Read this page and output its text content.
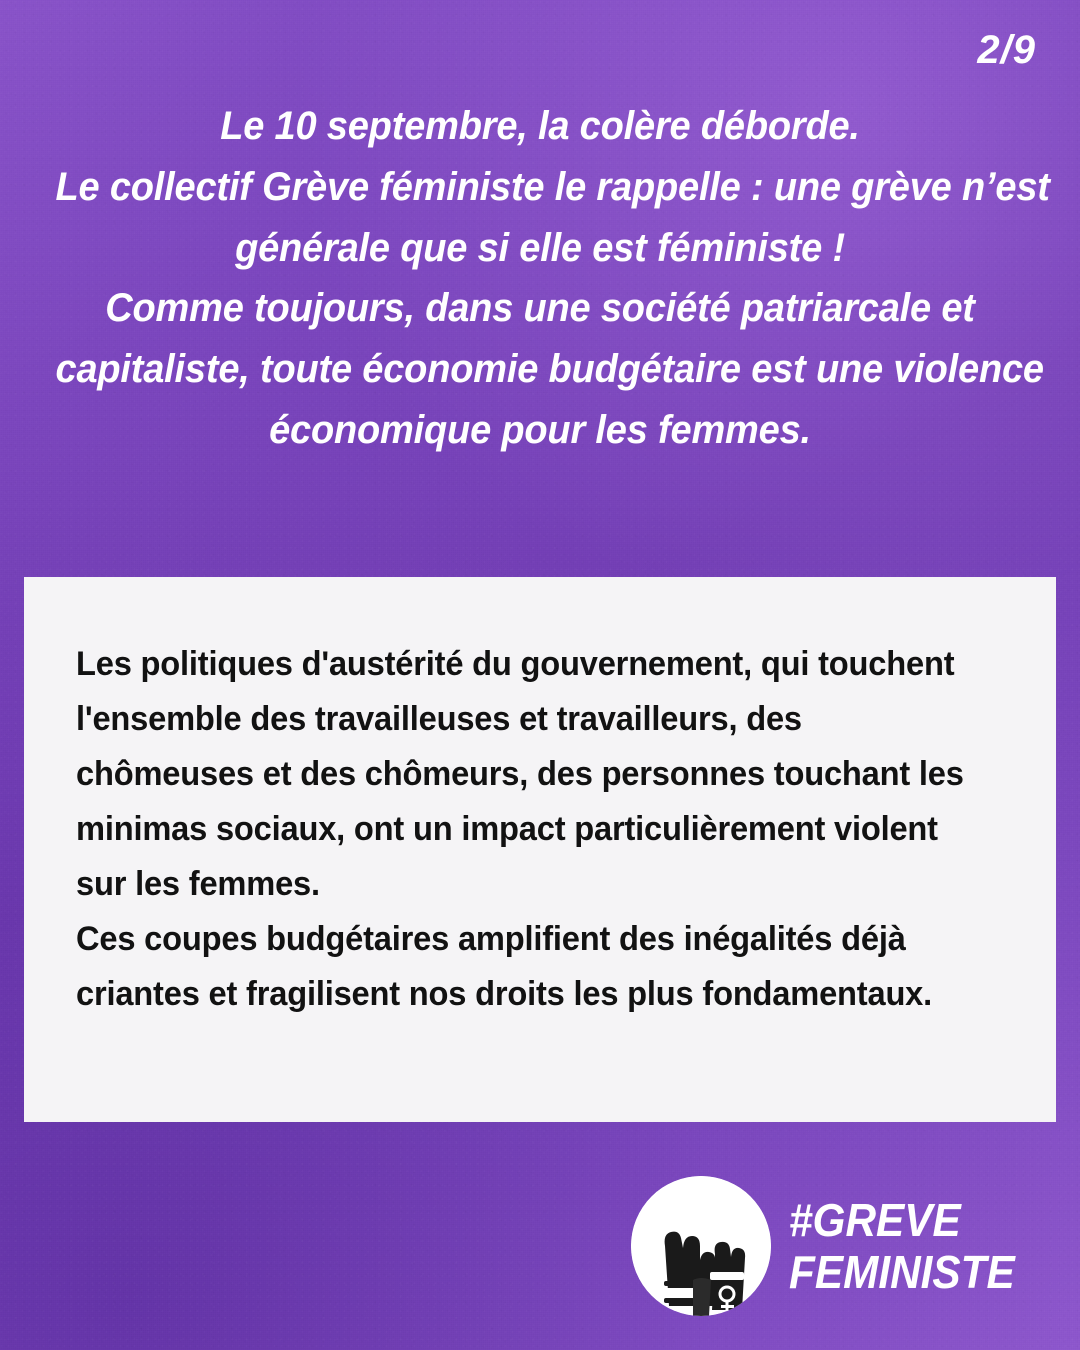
2/9
Le 10 septembre, la colère déborde.
Le collectif Grève féministe le rappelle : une grève n’est
générale que si elle est féministe !
Comme toujours, dans une société patriarcale et
capitaliste, toute économie budgétaire est une violence
économique pour les femmes.

Les politiques d'austérité du gouvernement, qui touchent l'ensemble des travailleuses et travailleurs, des chômeuses et des chômeurs, des personnes touchant les minimas sociaux, ont un impact particulièrement violent sur les femmes.

Ces coupes budgétaires amplifient des inégalités déjà criantes et fragilisent nos droits les plus fondamentaux.

#GREVE
FEMINISTE
